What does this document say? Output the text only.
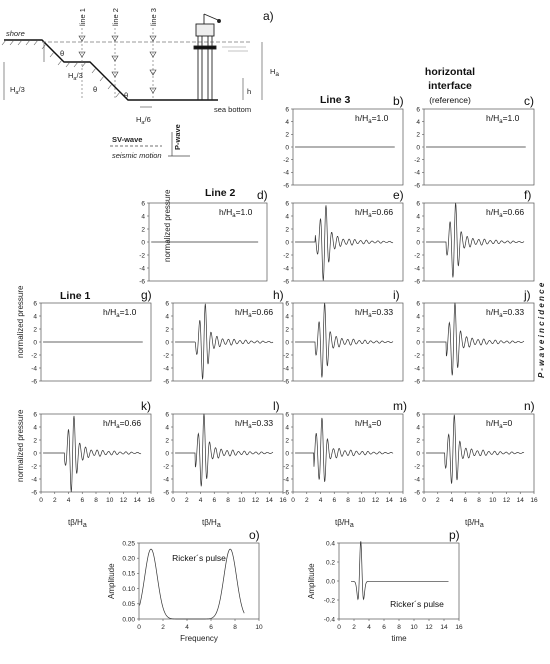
shore
line 1	line 2	line 3
θ
θ
θ
$H_a/3$
$H_a/3$
$H_a/6$
Ha
h
sea bottom
SV-wave	P-wave
seismic motion
a)
Line 3
horizontal
interface
(reference)
Line 2
Line 1	P - w a v e i n c i d e n c e
normalized pressure
normalized pressure
normalized pressure
tβ/Ha	tβ/Ha	tβ/Ha	tβ/Ha
6
4
2
0
-2
-4
-6
b)
$h/H_a=1.0$
6
4
2
0
-2
-4
-6
c)
$h/H_a=1.0$
6
4
2
0
-2
-4
-6
d)
$h/H_a=1.0$
6
4
2
0
-2
-4
-6
e)
$h/H_a=0.66$
6
4
2
0
-2
-4
-6
f)
$h/H_a=0.66$
6
4
2
0
-2
-4
-6
g)
$h/H_a=1.0$
6
4
2
0
-2
-4
-6
h)
$h/H_a=0.66$
6
4
2
0
-2
-4
-6
i)
$h/H_a=0.33$
6
4
2
0
-2
-4
-6
j)
$h/H_a=0.33$
6
4
2
0
-2
-4
-6
0 2 4 6 8 10 12 14 16
k)
$h/H_a=0.66$
6
4
2
0
-2
-4
-6
0 2 4 6 8 10 12 14 16
l)
$h/H_a=0.33$
6
4
2
0
-2
-4
-6
0 2 4 6 8 10 12 14 16
m)
$h/H_a=0$
6
4
2
0
-2
-4
-6
0 2 4 6 8 10 12 14 16
n)
$h/H_a=0$
0.25
0.20
0.15
0.10
0.05
0.00
0	2	4	6	8	10
o)
Ricker´s pulse
Frequency
Amplitude
0.4
0.2
0.0
-0.2
-0.4
0 2 4 6 8 10 12 14 16
p)
Ricker´s pulse
time
Amplitude
